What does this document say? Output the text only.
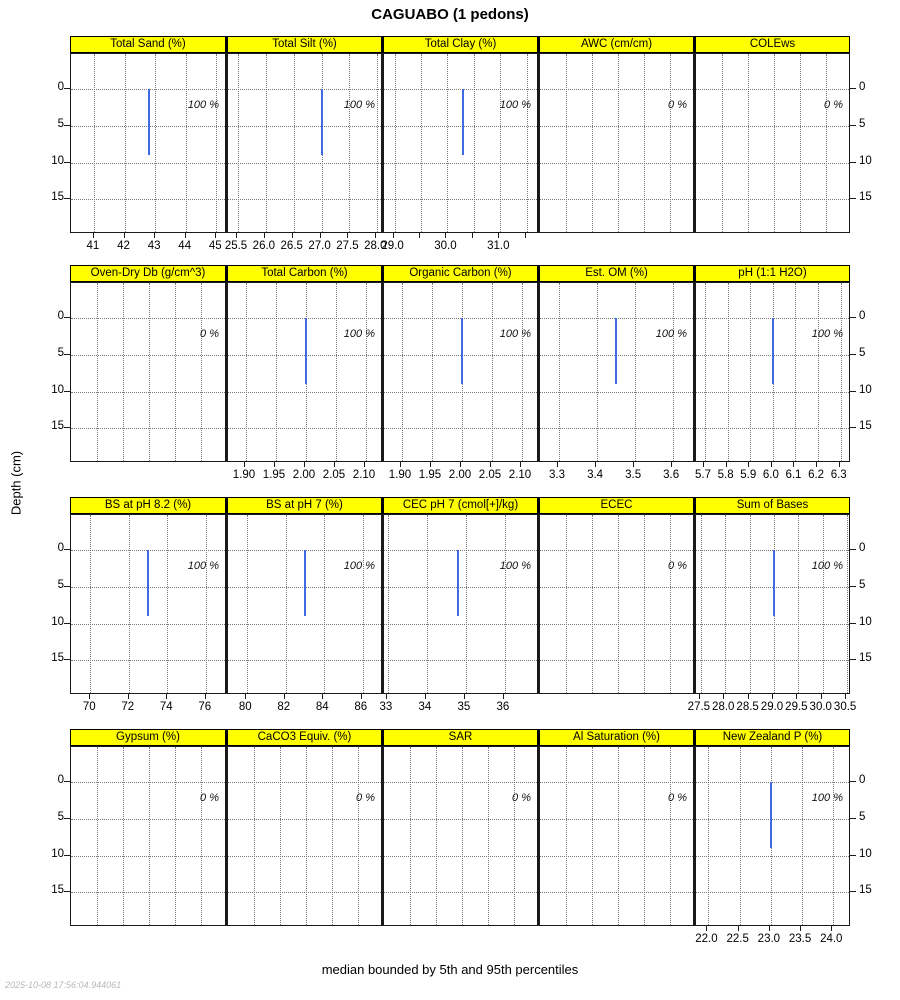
CAGUABO (1 pedons)
Depth (cm)
median bounded by 5th and 95th percentiles
2025-10-08 17:56:04.944061
0	0
5	5
10	10
15	15
Total Sand (%)
100 %
41	42	43	44	45
Total Silt (%)
100 %
25.5 26.0 26.5 27.0 27.5 28.0
Total Clay (%)
100 %
29.0	30.0	31.0
AWC (cm/cm)
0 %
COLEws
0 %
0	0
5	5
10	10
15	15
Oven-Dry Db (g/cm^3)
0 %
Total Carbon (%)
100 %
1.90 1.95 2.00 2.05 2.10
Organic Carbon (%)
100 %
1.90 1.95 2.00 2.05 2.10
Est. OM (%)
100 %
3.3	3.4	3.5	3.6
pH (1:1 H2O)
100 %
5.7 5.8 5.9 6.0 6.1 6.2 6.3
0	0
5	5
10	10
15	15
BS at pH 8.2 (%)
100 %
70	72	74	76
BS at pH 7 (%)
100 %
80	82	84	86
CEC pH 7 (cmol[+]/kg)
100 %
33	34	35	36
ECEC
0 %
Sum of Bases
100 %
27.5 28.0 28.5 29.0 29.5 30.0 30.5
0	0
5	5
10	10
15	15
Gypsum (%)
0 %
CaCO3 Equiv. (%)
0 %
SAR
0 %
Al Saturation (%)
0 %
New Zealand P (%)
100 %
22.0 22.5 23.0 23.5 24.0
